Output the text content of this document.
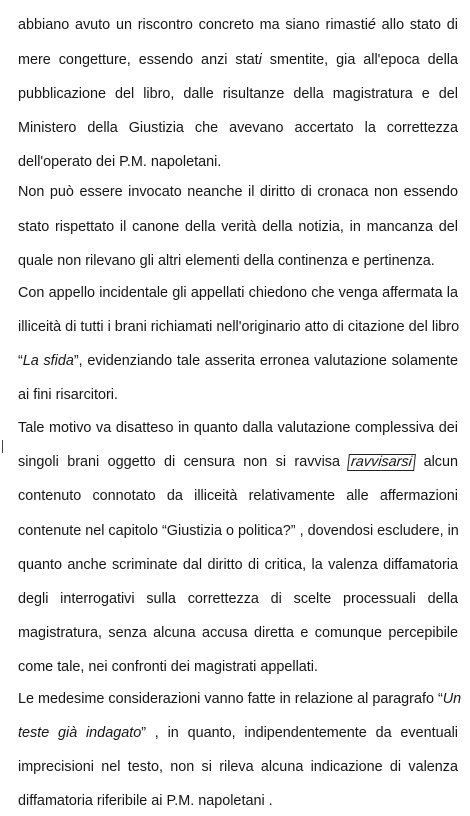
abbiano avuto un riscontro concreto ma siano rimastié allo stato di
mere congetture, essendo anzi stati smentite, gia all'epoca della
pubblicazione del libro, dalle risultanze della magistratura e del
Ministero della Giustizia che avevano accertato la correttezza
dell'operato dei P.M. napoletani.
Non può essere invocato neanche il diritto di cronaca non essendo
stato rispettato il canone della verità della notizia, in mancanza del
quale non rilevano gli altri elementi della continenza e pertinenza.
Con appello incidentale gli appellati chiedono che venga affermata la
illiceità di tutti i brani richiamati nell'originario atto di citazione del libro
“La sfida”, evidenziando tale asserita erronea valutazione solamente
ai fini risarcitori.
Tale motivo va disatteso in quanto dalla valutazione complessiva dei
singoli brani oggetto di censura non si ravvisa ravvisarsi alcun
contenuto connotato da illiceità relativamente alle affermazioni
contenute nel capitolo “Giustizia o politica?” , dovendosi escludere, in
quanto anche scriminate dal diritto di critica, la valenza diffamatoria
degli interrogativi sulla correttezza di scelte processuali della
magistratura, senza alcuna accusa diretta e comunque percepibile
come tale, nei confronti dei magistrati appellati.
Le medesime considerazioni vanno fatte in relazione al paragrafo “Un
teste già indagato” , in quanto, indipendentemente da eventuali
imprecisioni nel testo, non si rileva alcuna indicazione di valenza
diffamatoria riferibile ai P.M. napoletani .
